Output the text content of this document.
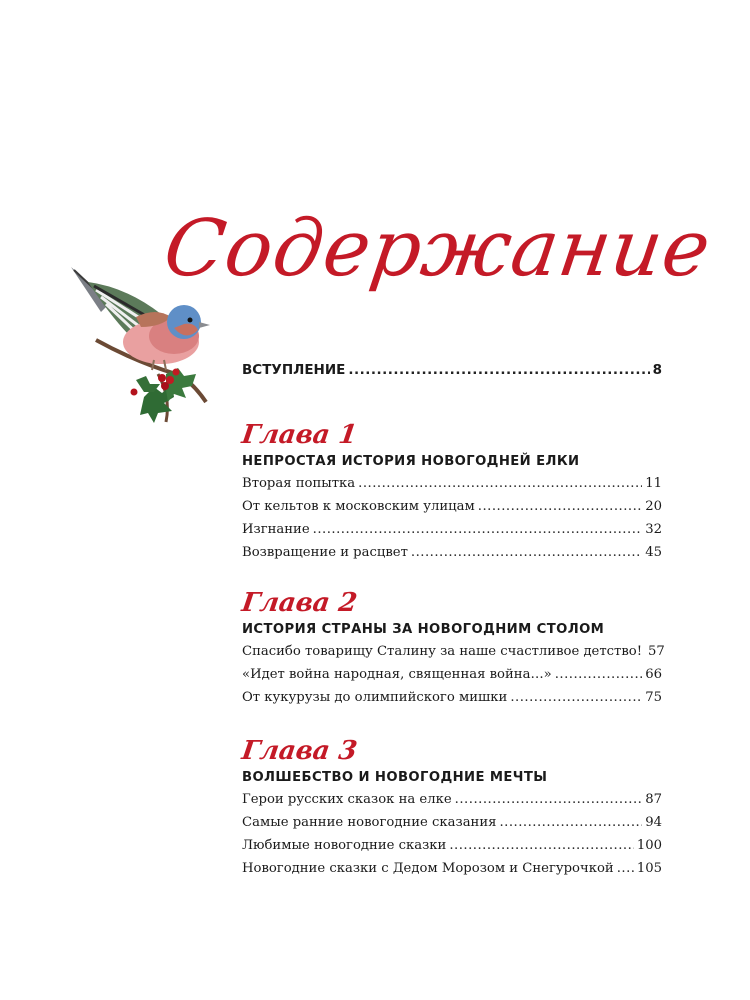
Содержание
ВСТУПЛЕНИЕ .....	8
Глава 1
НЕПРОСТАЯ ИСТОРИЯ НОВОГОДНЕЙ ЕЛКИ
Вторая попытка .....	11
От кельтов к московским улицам .....	20
Изгнание .....	32
Возвращение и расцвет .....	45
Глава 2
ИСТОРИЯ СТРАНЫ ЗА НОВОГОДНИМ СТОЛОМ
Спасибо товарищу Сталину за наше счастливое детство! 57
«Идет война народная, священная война…» .....	66
От кукурузы до олимпийского мишки .....	75
Глава 3
ВОЛШЕБСТВО И НОВОГОДНИЕ МЕЧТЫ
Герои русских сказок на елке .....	87
Самые ранние новогодние сказания .....	94
Любимые новогодние сказки .....	100
Новогодние сказки с Дедом Морозом и Снегурочкой ..... 105
